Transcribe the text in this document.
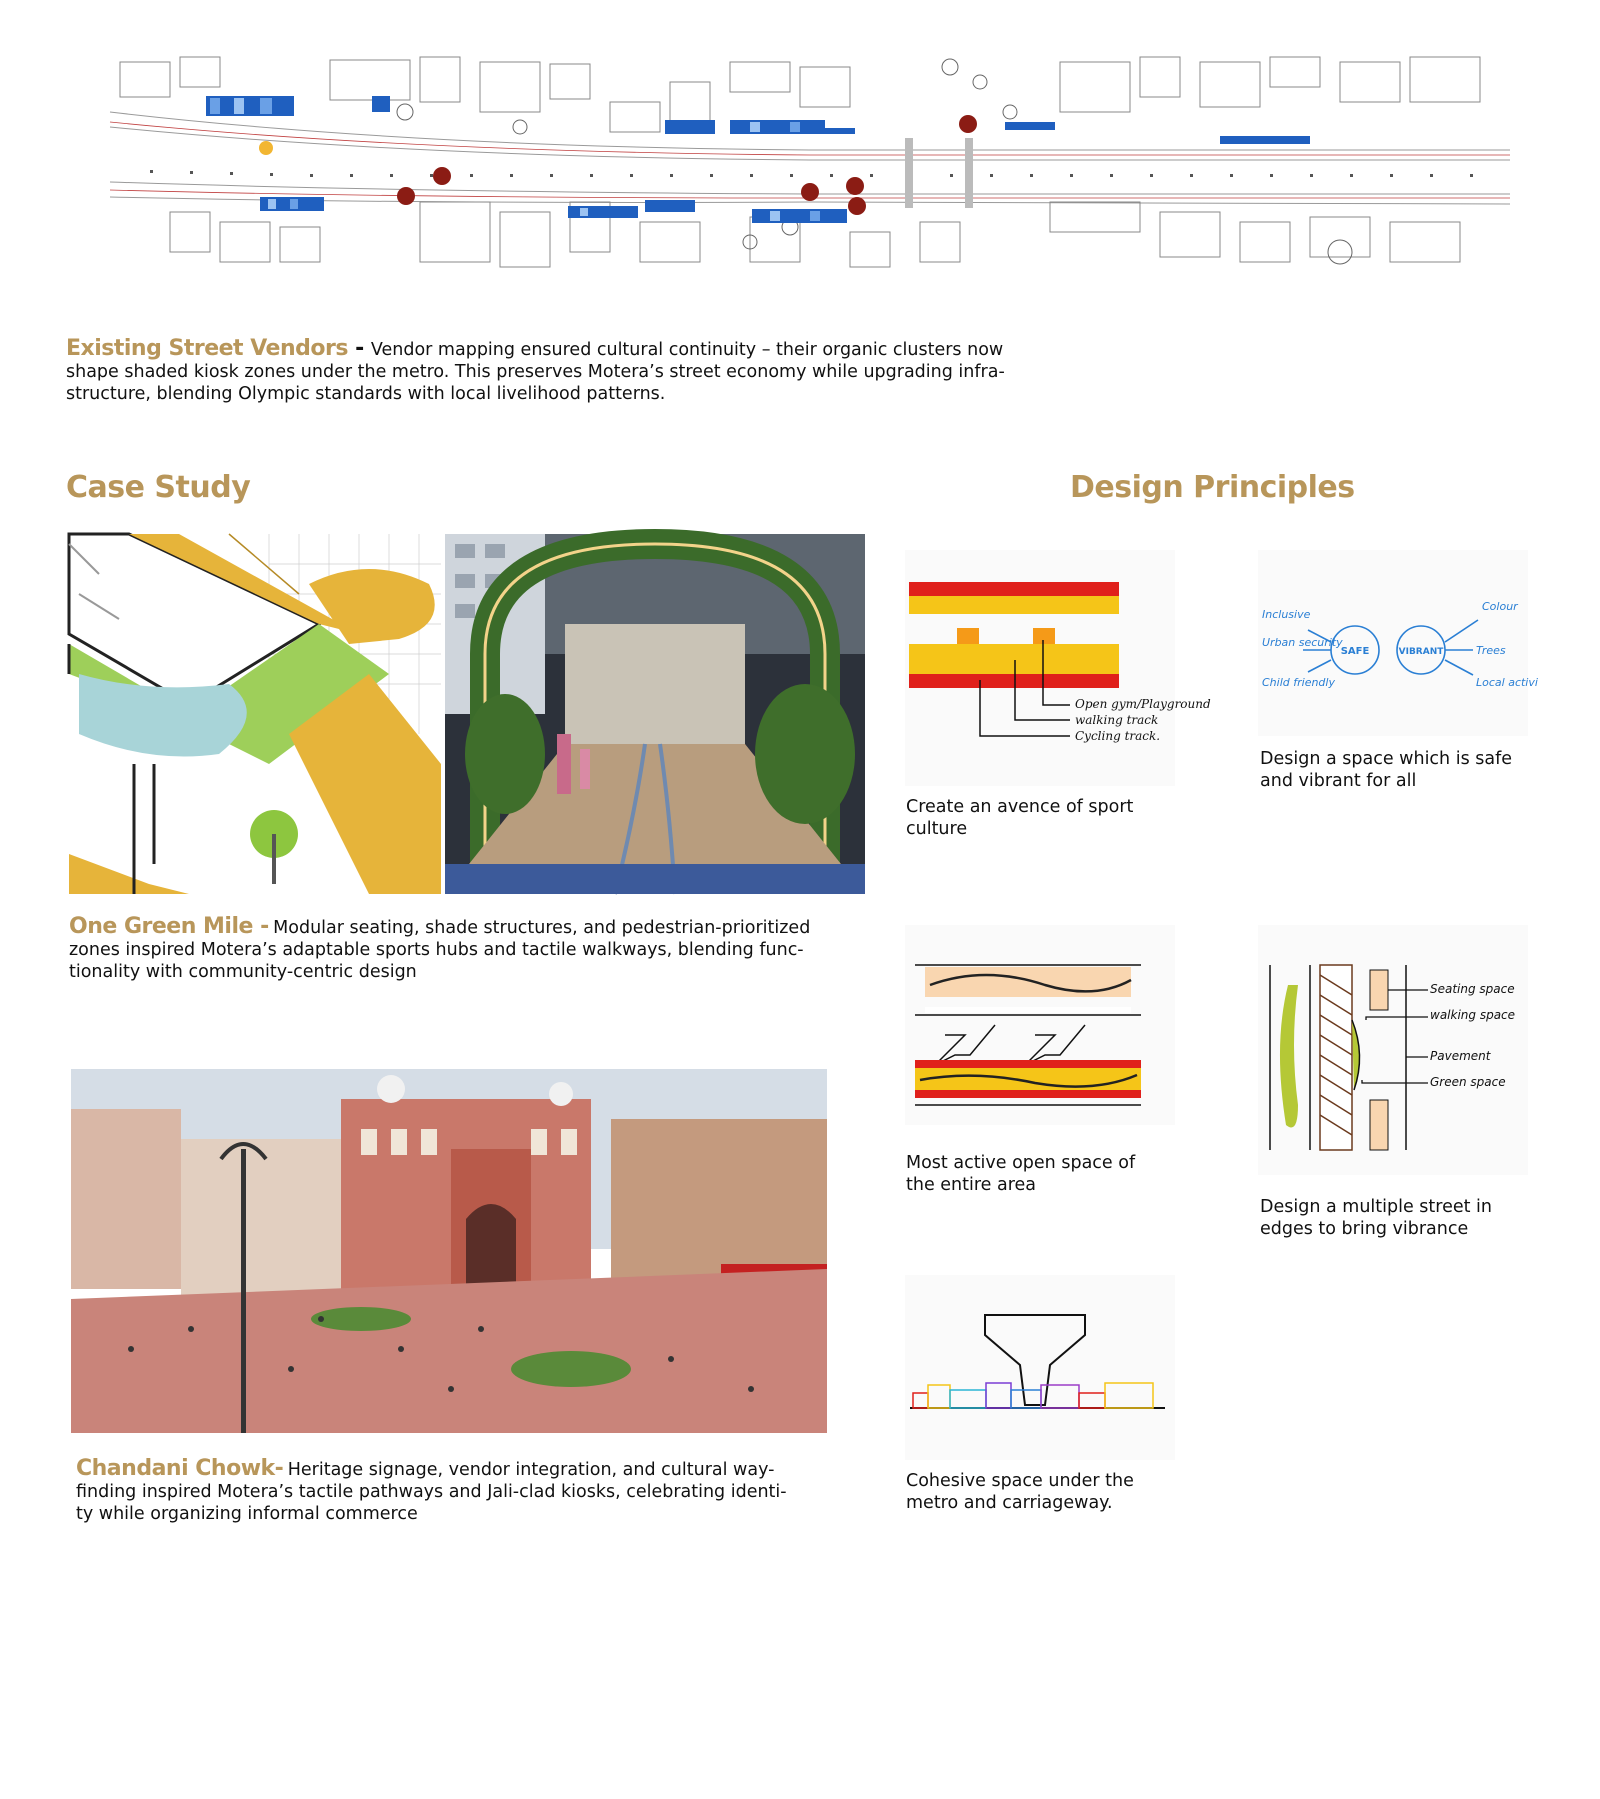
Existing Street Vendors - Vendor mapping ensured cultural continuity – their organic clusters now
shape shaded kiosk zones under the metro. This preserves Motera’s street economy while upgrading infra-
structure, blending Olympic standards with local livelihood patterns.
Case Study	Design Principles
One Green Mile - Modular seating, shade structures, and pedestrian-prioritized
zones inspired Motera’s adaptable sports hubs and tactile walkways, blending func-
tionality with community-centric design
Chandani Chowk- Heritage signage, vendor integration, and cultural way-
finding inspired Motera’s tactile pathways and Jali-clad kiosks, celebrating identi-
ty while organizing informal commerce
Open gym/Playground
walking track
Cycling track.
Create an avence of sport
culture
SAFE	VIBRANT
Inclusive
Urban security
Child friendly
Colour
Trees
Local activi
Design a space which is safe
and vibrant for all
Most active open space of
the entire area
Seating space
walking space
Pavement
Green space
Design a multiple street in
edges to bring vibrance
Cohesive space under the
metro and carriageway.
